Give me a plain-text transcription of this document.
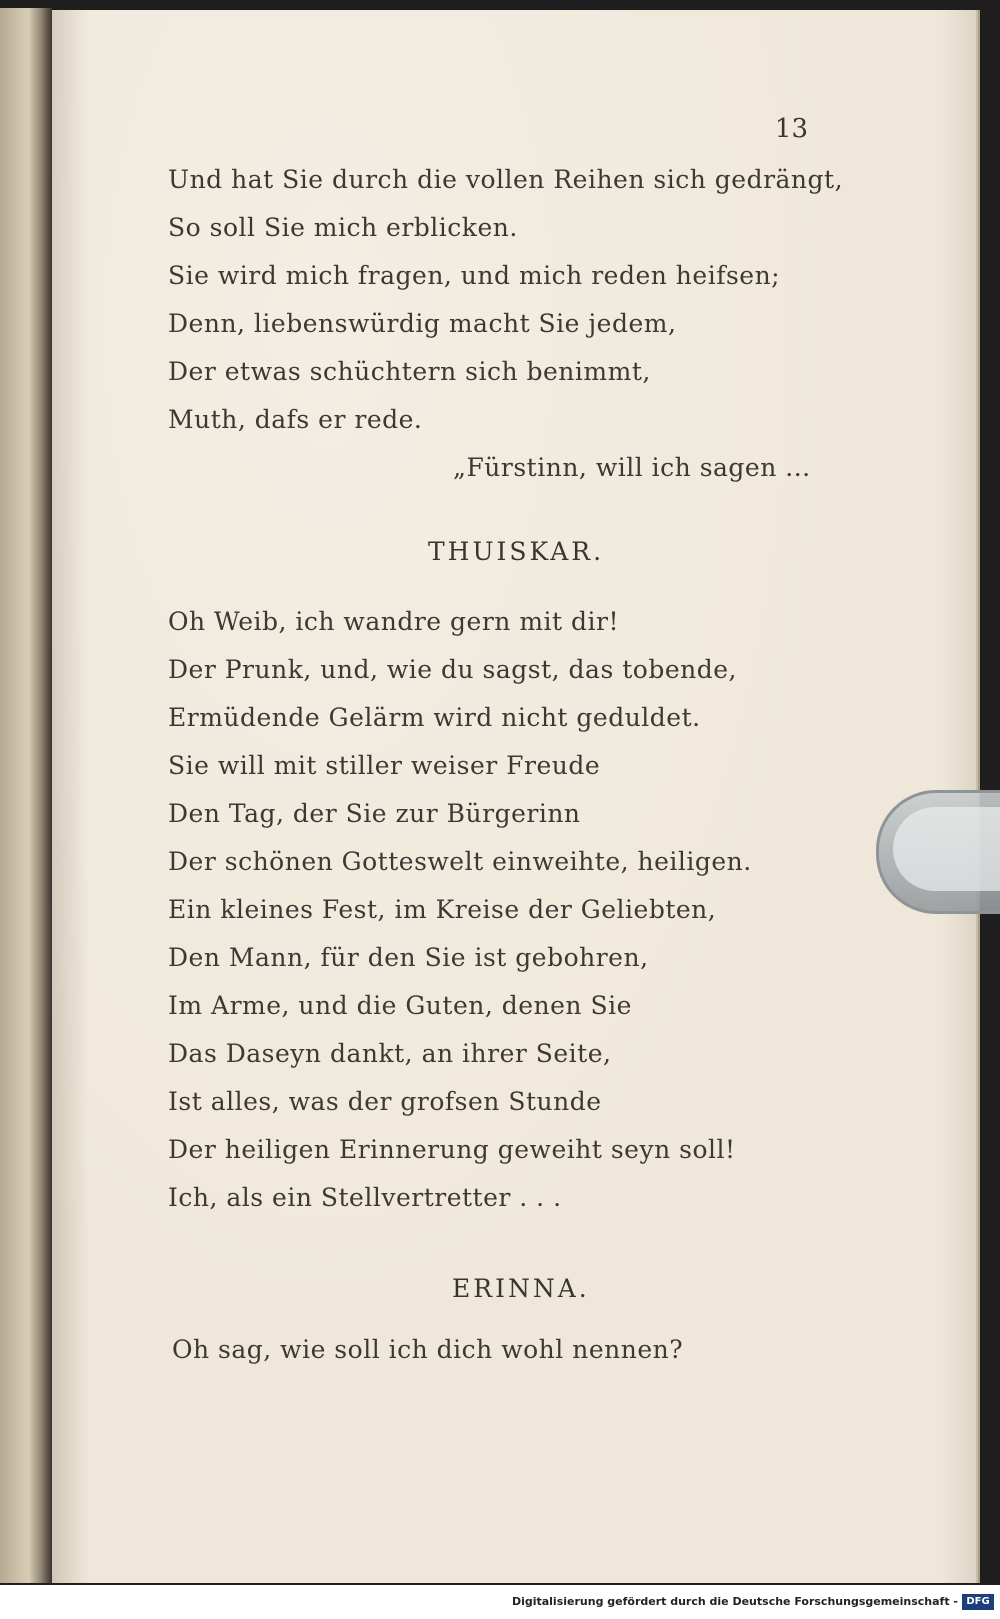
13
Und hat Sie durch die vollen Reihen sich gedrängt,
So soll Sie mich erblicken.
Sie wird mich fragen, und mich reden heifsen;
Denn, liebenswürdig macht Sie jedem,
Der etwas schüchtern sich benimmt,
Muth, dafs er rede.
„Fürstinn, will ich sagen ...
THUISKAR.
Oh Weib, ich wandre gern mit dir!
Der Prunk, und, wie du sagst, das tobende,
Ermüdende Gelärm wird nicht geduldet.
Sie will mit stiller weiser Freude
Den Tag, der Sie zur Bürgerinn
Der schönen Gotteswelt einweihte, heiligen.
Ein kleines Fest, im Kreise der Geliebten,
Den Mann, für den Sie ist gebohren,
Im Arme, und die Guten, denen Sie
Das Daseyn dankt, an ihrer Seite,
Ist alles, was der grofsen Stunde
Der heiligen Erinnerung geweiht seyn soll!
Ich, als ein Stellvertretter . . .
ERINNA.
Oh sag, wie soll ich dich wohl nennen?
Digitalisierung gefördert durch die Deutsche Forschungsgemeinschaft - DFG
